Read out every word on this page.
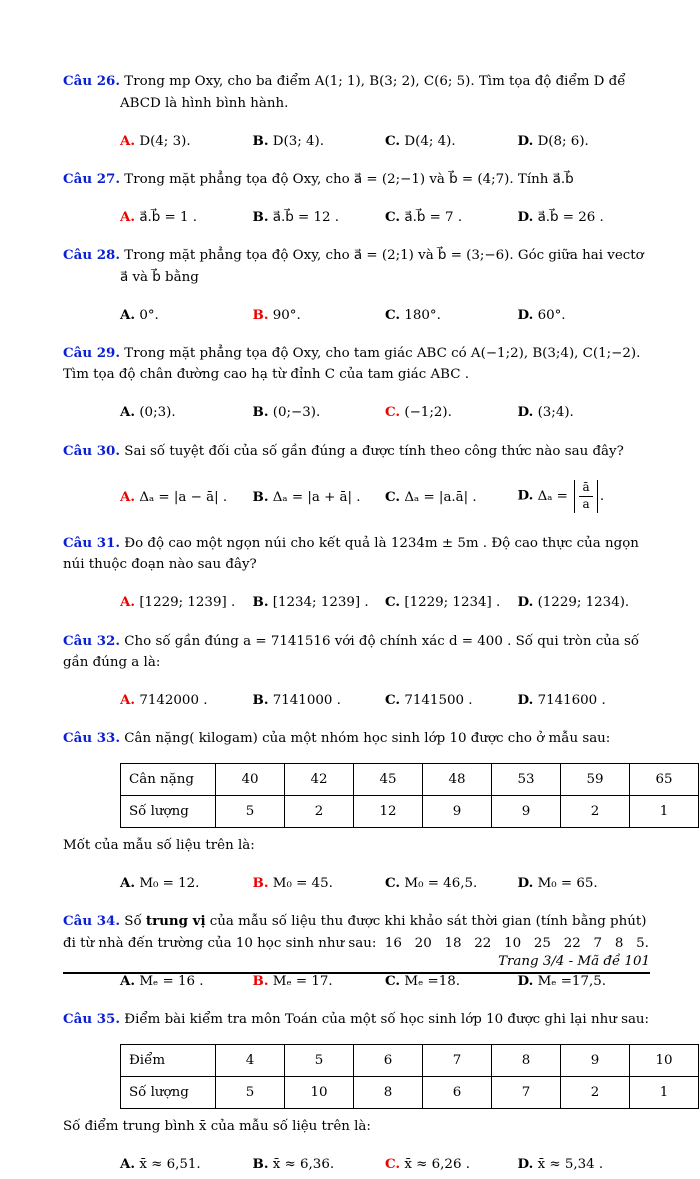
Câu 26. Trong mp Oxy, cho ba điểm A(1; 1), B(3; 2), C(6; 5). Tìm tọa độ điểm D để ABCD là hình bình hành.

A. D(4; 3).	B. D(3; 4).	C. D(4; 4).	D. D(8; 6).

Câu 27. Trong mặt phẳng tọa độ Oxy, cho a⃗ = (2;−1) và b⃗ = (4;7). Tính a⃗.b⃗

A. a⃗.b⃗ = 1 .	B. a⃗.b⃗ = 12 .	C. a⃗.b⃗ = 7 .	D. a⃗.b⃗ = 26 .

Câu 28. Trong mặt phẳng tọa độ Oxy, cho a⃗ = (2;1) và b⃗ = (3;−6). Góc giữa hai vectơ a⃗ và b⃗ bằng

A. 0°.	B. 90°.	C. 180°.	D. 60°.

Câu 29. Trong mặt phẳng tọa độ Oxy, cho tam giác ABC có A(−1;2), B(3;4), C(1;−2). Tìm tọa độ chân đường cao hạ từ đỉnh C của tam giác ABC .

A. (0;3).	B. (0;−3).	C. (−1;2).	D. (3;4).

Câu 30. Sai số tuyệt đối của số gần đúng a được tính theo công thức nào sau đây?

A. Δₐ = |a − ā| .	B. Δₐ = |a + ā| .	C. Δₐ = |a.ā| .	D. $\Delta_a = \frac{ā}{a}$ .

Câu 31. Đo độ cao một ngọn núi cho kết quả là 1234m ± 5m . Độ cao thực của ngọn núi thuộc đoạn nào sau đây?

A. [1229; 1239] .	B. [1234; 1239] .	C. [1229; 1234] .	D. (1229; 1234).

Câu 32. Cho số gần đúng a = 7141516 với độ chính xác d = 400 . Số qui tròn của số gần đúng a là:

A. 7142000 .	B. 7141000 .	C. 7141500 .	D. 7141600 .

Câu 33. Cân nặng( kilogam) của một nhóm học sinh lớp 10 được cho ở mẫu sau:

Cân nặng	40	42	45	48	53	59	65
Số lượng	5	2	12	9	9	2	1

Mốt của mẫu số liệu trên là:

A. M₀ = 12.	B. M₀ = 45.	C. M₀ = 46,5.	D. M₀ = 65.

Câu 34. Số trung vị của mẫu số liệu thu được khi khảo sát thời gian (tính bằng phút) đi từ nhà đến trường của 10 học sinh như sau:  16   20   18   22   10   25   22   7   8   5.

A. Mₑ = 16 .	B. Mₑ = 17.	C. Mₑ =18.	D. Mₑ =17,5.

Câu 35. Điểm bài kiểm tra môn Toán của một số học sinh lớp 10 được ghi lại như sau:

Điểm	4	5	6	7	8	9	10
Số lượng	5	10	8	6	7	2	1

Số điểm trung bình x̄ của mẫu số liệu trên là:

A. x̄ ≈ 6,51.	B. x̄ ≈ 6,36.	C. x̄ ≈ 6,26 .	D. x̄ ≈ 5,34 .
Trang 3/4 - Mã đề 101
